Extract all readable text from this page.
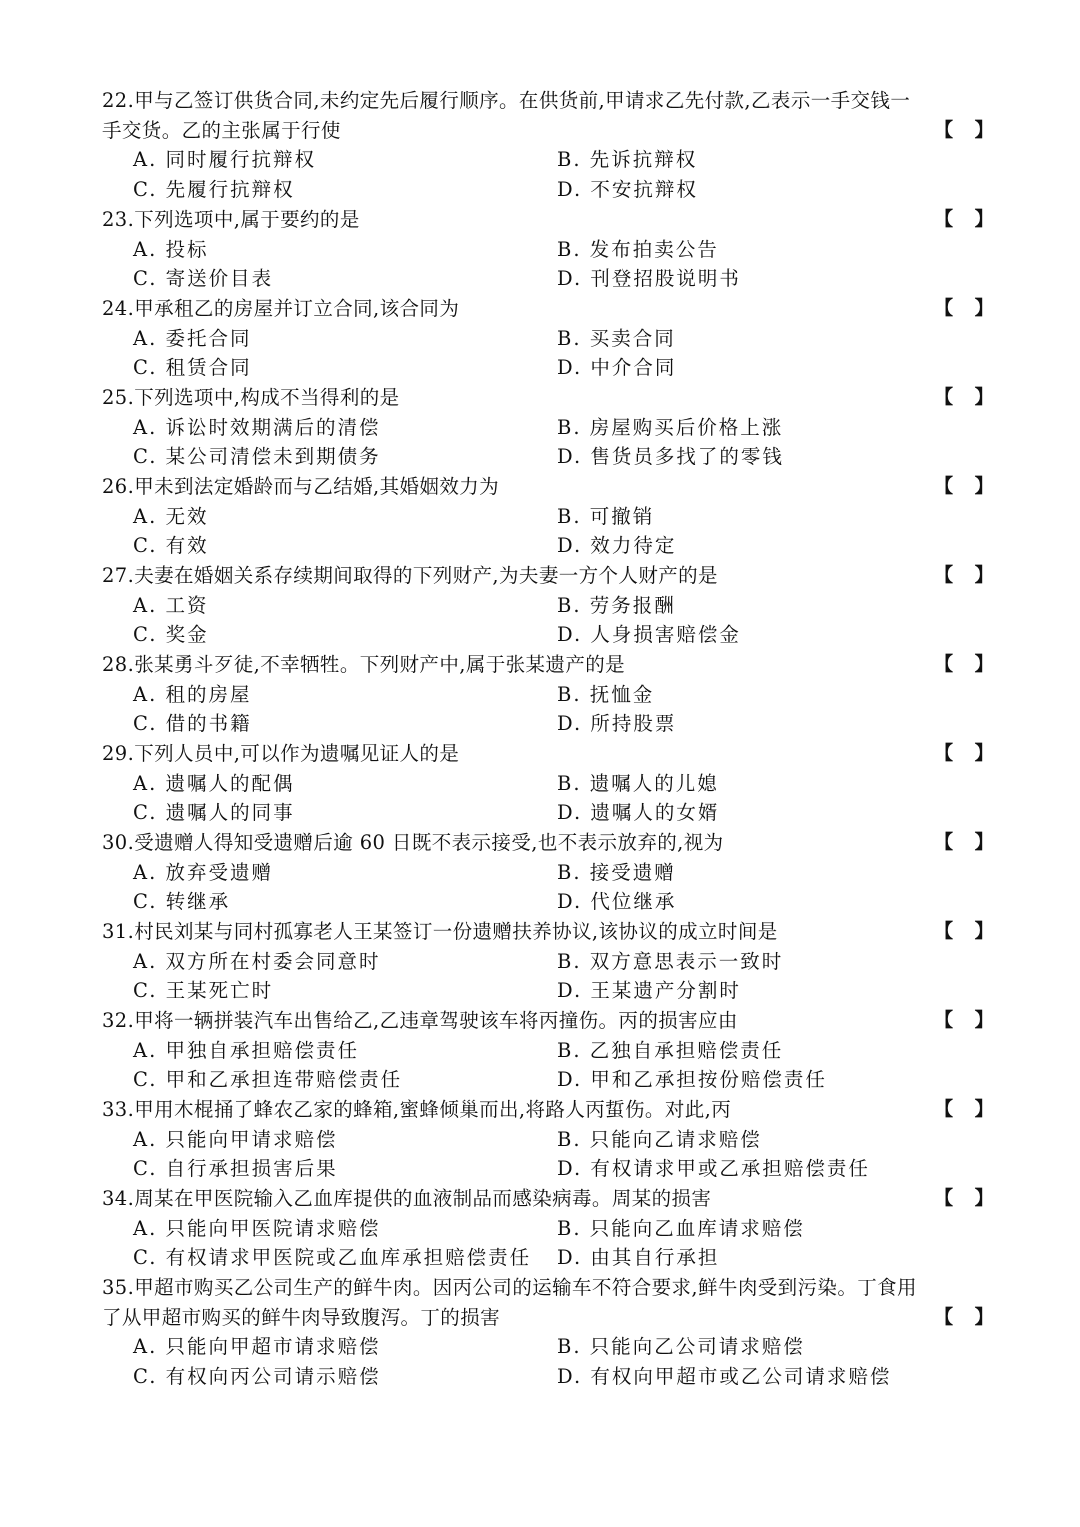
22.甲与乙签订供货合同,未约定先后履行顺序。在供货前,甲请求乙先付款,乙表示一手交钱一手交货。乙的主张属于行使	【   】
A. 同时履行抗辩权	B. 先诉抗辩权
C. 先履行抗辩权	D. 不安抗辩权
23.下列选项中,属于要约的是	【   】
A. 投标	B. 发布拍卖公告
C. 寄送价目表	D. 刊登招股说明书
24.甲承租乙的房屋并订立合同,该合同为	【   】
A. 委托合同	B. 买卖合同
C. 租赁合同	D. 中介合同
25.下列选项中,构成不当得利的是	【   】
A. 诉讼时效期满后的清偿	B. 房屋购买后价格上涨
C. 某公司清偿未到期债务	D. 售货员多找了的零钱
26.甲未到法定婚龄而与乙结婚,其婚姻效力为	【   】
A. 无效	B. 可撤销
C. 有效	D. 效力待定
27.夫妻在婚姻关系存续期间取得的下列财产,为夫妻一方个人财产的是	【   】
A. 工资	B. 劳务报酬
C. 奖金	D. 人身损害赔偿金
28.张某勇斗歹徒,不幸牺牲。下列财产中,属于张某遗产的是	【   】
A. 租的房屋	B. 抚恤金
C. 借的书籍	D. 所持股票
29.下列人员中,可以作为遗嘱见证人的是	【   】
A. 遗嘱人的配偶	B. 遗嘱人的儿媳
C. 遗嘱人的同事	D. 遗嘱人的女婿
30.受遗赠人得知受遗赠后逾 60 日既不表示接受,也不表示放弃的,视为	【   】
A. 放弃受遗赠	B. 接受遗赠
C. 转继承	D. 代位继承
31.村民刘某与同村孤寡老人王某签订一份遗赠扶养协议,该协议的成立时间是	【   】
A. 双方所在村委会同意时	B. 双方意思表示一致时
C. 王某死亡时	D. 王某遗产分割时
32.甲将一辆拼装汽车出售给乙,乙违章驾驶该车将丙撞伤。丙的损害应由	【   】
A. 甲独自承担赔偿责任	B. 乙独自承担赔偿责任
C. 甲和乙承担连带赔偿责任	D. 甲和乙承担按份赔偿责任
33.甲用木棍捅了蜂农乙家的蜂箱,蜜蜂倾巢而出,将路人丙蜇伤。对此,丙	【   】
A. 只能向甲请求赔偿	B. 只能向乙请求赔偿
C. 自行承担损害后果	D. 有权请求甲或乙承担赔偿责任
34.周某在甲医院输入乙血库提供的血液制品而感染病毒。周某的损害	【   】
A. 只能向甲医院请求赔偿	B. 只能向乙血库请求赔偿
C. 有权请求甲医院或乙血库承担赔偿责任	D. 由其自行承担
35.甲超市购买乙公司生产的鲜牛肉。因丙公司的运输车不符合要求,鲜牛肉受到污染。丁食用了从甲超市购买的鲜牛肉导致腹泻。丁的损害	【   】
A. 只能向甲超市请求赔偿	B. 只能向乙公司请求赔偿
C. 有权向丙公司请示赔偿	D. 有权向甲超市或乙公司请求赔偿
